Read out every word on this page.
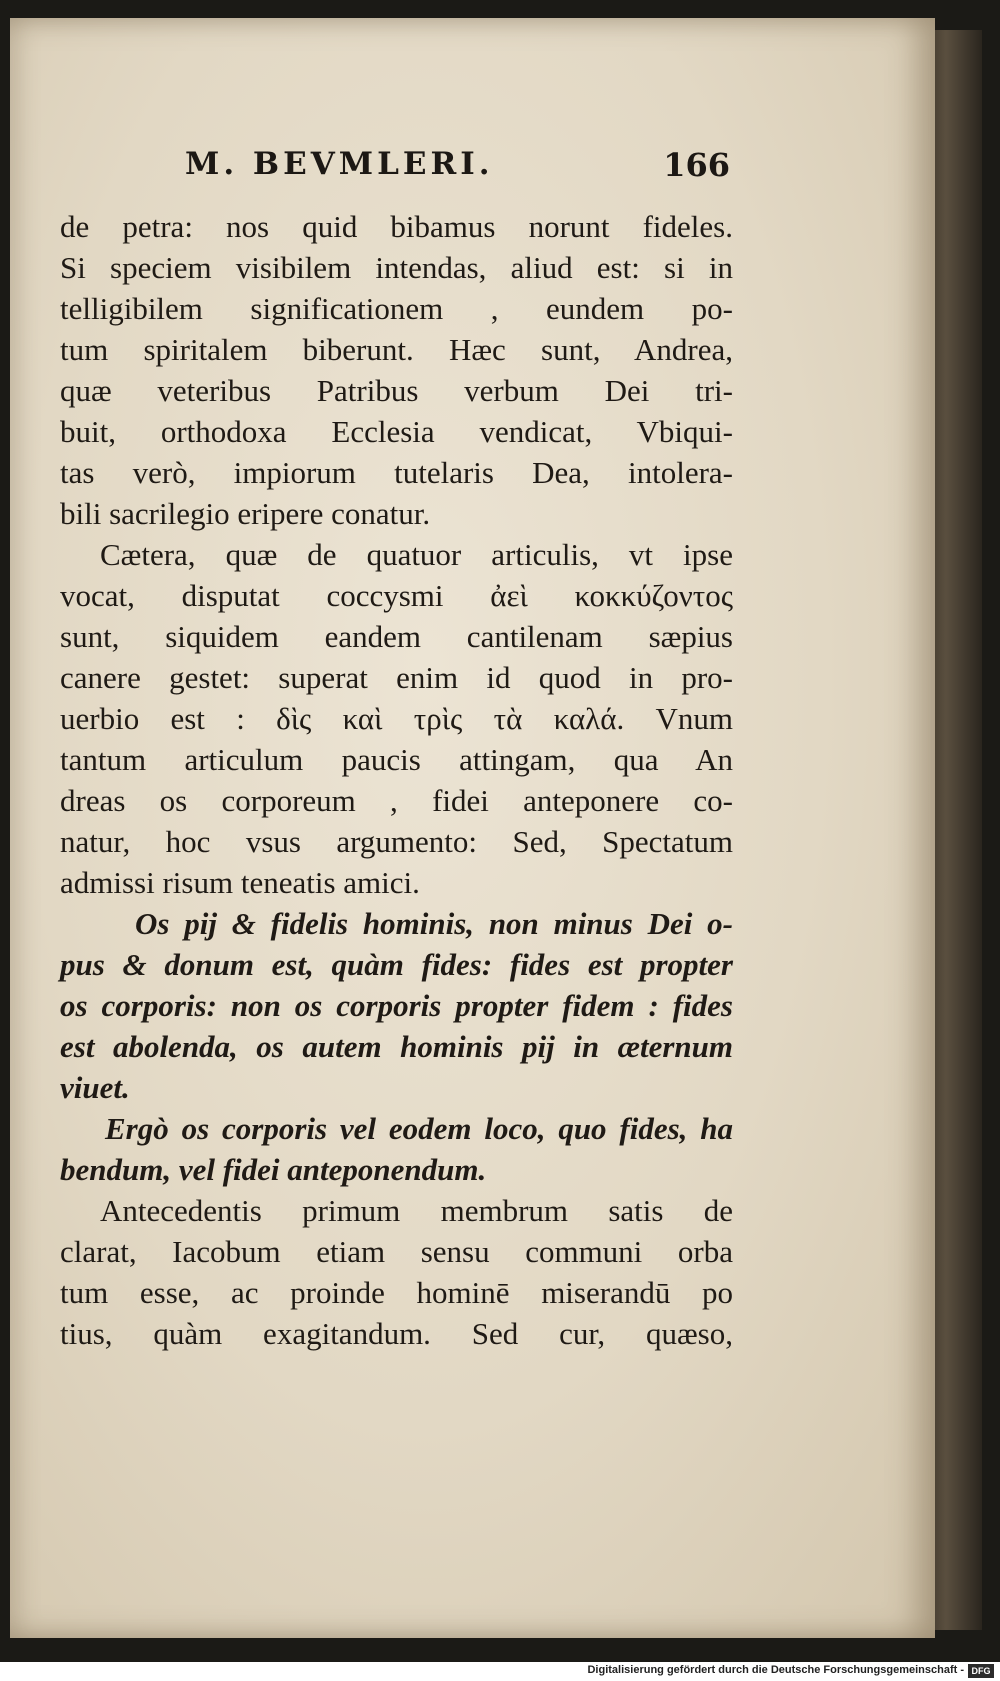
M. BEVMLERI.	166
de petra: nos quid bibamus norunt fideles.
Si speciem visibilem intendas, aliud est: si in
telligibilem significationem , eundem po-
tum spiritalem biberunt. Hæc sunt, Andrea,
quæ veteribus Patribus verbum Dei tri-
buit, orthodoxa Ecclesia vendicat, Vbiqui-
tas verò, impiorum tutelaris Dea, intolera-
bili sacrilegio eripere conatur.
Cætera, quæ de quatuor articulis, vt ipse
vocat, disputat coccysmi ἀεὶ κοκκύζοντος
sunt, siquidem eandem cantilenam sæpius
canere gestet: superat enim id quod in pro-
uerbio est : δὶς καὶ τρὶς τὰ καλά. Vnum
tantum articulum paucis attingam, qua An
dreas os corporeum , fidei anteponere co-
natur, hoc vsus argumento: Sed, Spectatum
admissi risum teneatis amici.
Os pij & fidelis hominis, non minus Dei o-
pus & donum est, quàm fides: fides est propter
os corporis: non os corporis propter fidem : fides
est abolenda, os autem hominis pij in æternum
viuet.
Ergò os corporis vel eodem loco, quo fides, ha
bendum, vel fidei anteponendum.
Antecedentis primum membrum satis de
clarat, Iacobum etiam sensu communi orba
tum esse, ac proinde hominē miserandū po
tius, quàm exagitandum. Sed cur, quæso,
Digitalisierung gefördert durch die Deutsche Forschungsgemeinschaft - DFG
